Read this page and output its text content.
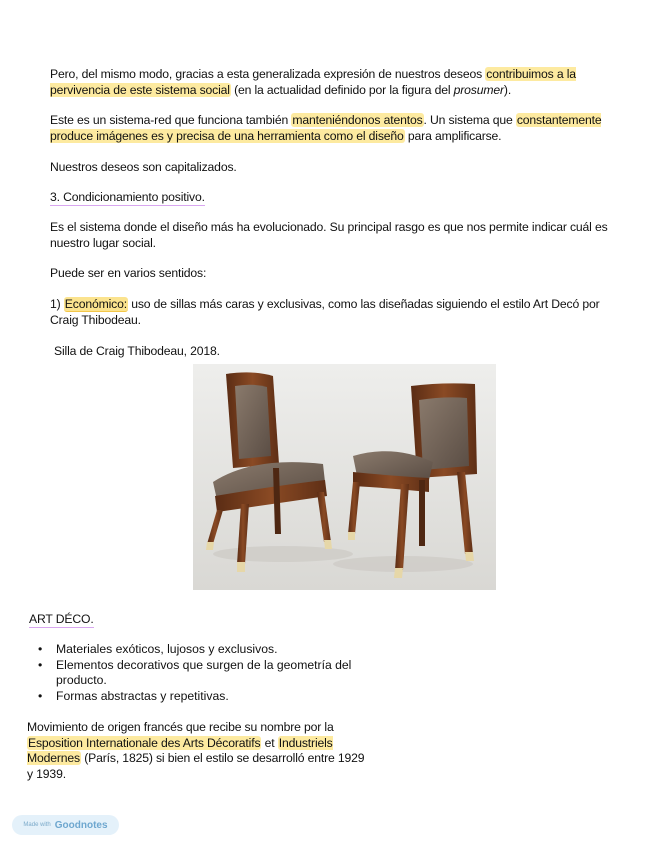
Pero, del mismo modo, gracias a esta generalizada expresión de nuestros deseos contribuimos a la pervivencia de este sistema social (en la actualidad definido por la figura del prosumer).
Este es un sistema-red que funciona también manteniéndonos atentos. Un sistema que constantemente produce imágenes es y precisa de una herramienta como el diseño para amplificarse.
Nuestros deseos son capitalizados.
3. Condicionamiento positivo.
Es el sistema donde el diseño más ha evolucionado. Su principal rasgo es que nos permite indicar cuál es nuestro lugar social.
Puede ser en varios sentidos:
1) Económico: uso de sillas más caras y exclusivas, como las diseñadas siguiendo el estilo Art Decó por Craig Thibodeau.
Silla de Craig Thibodeau, 2018.
ART DÉCO.
• Materiales exóticos, lujosos y exclusivos.
• Elementos decorativos que surgen de la geometría del producto.
• Formas abstractas y repetitivas.
Movimiento de origen francés que recibe su nombre por la Esposition Internationale des Arts Décoratifs et Industriels Modernes (París, 1825) si bien el estilo se desarrolló entre 1929 y 1939.
Made with Goodnotes
